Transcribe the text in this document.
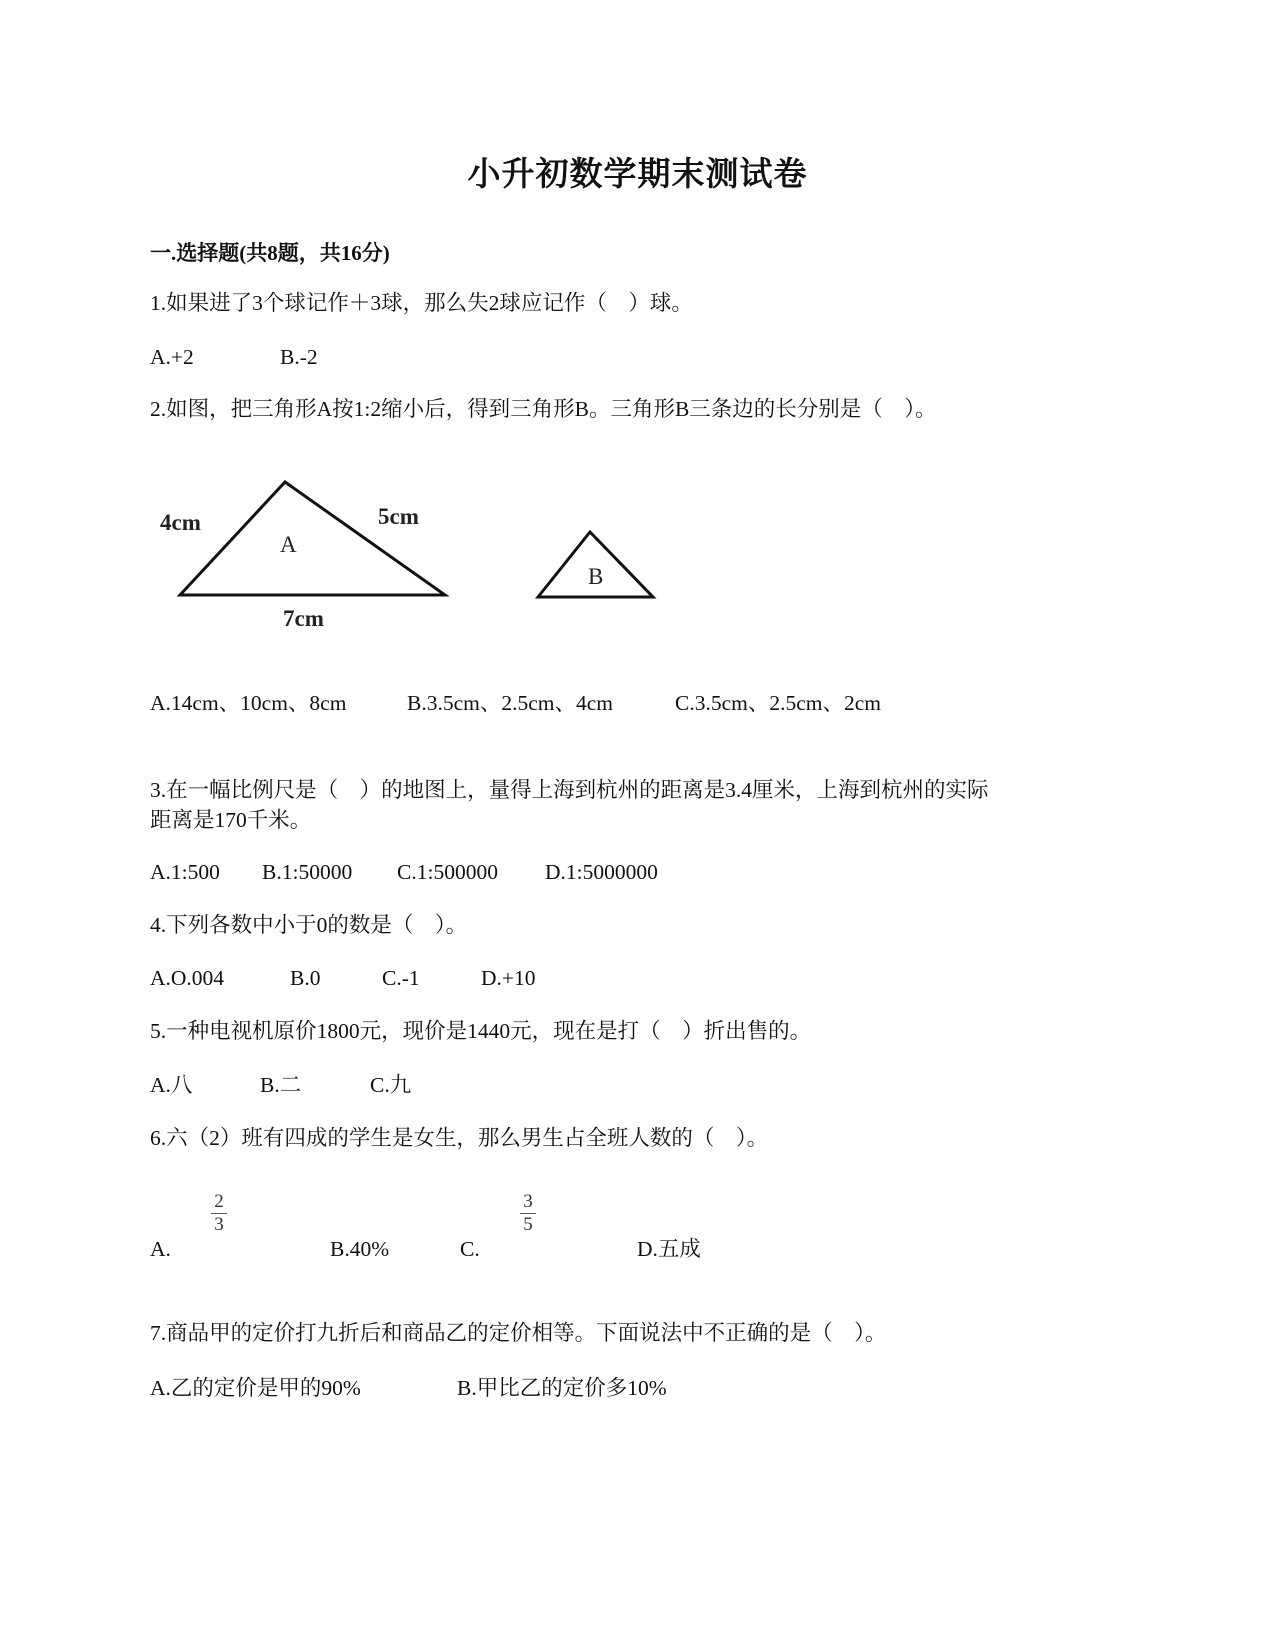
小升初数学期末测试卷
一.选择题(共8题，共16分)
1.如果进了3个球记作＋3球，那么失2球应记作（　）球。
A.+2	B.-2
2.如图，把三角形A按1:2缩小后，得到三角形B。三角形B三条边的长分别是（　）。
4cm	5cm
A
7cm
B
A.14cm、10cm、8cm	B.3.5cm、2.5cm、4cm	C.3.5cm、2.5cm、2cm
3.在一幅比例尺是（　）的地图上，量得上海到杭州的距离是3.4厘米，上海到杭州的实际
距离是170千米。
A.1:500 B.1:50000 C.1:500000 D.1:5000000
4.下列各数中小于0的数是（　）。
A.O.004	B.0	C.-1	D.+10
5.一种电视机原价1800元，现价是1440元，现在是打（　）折出售的。
A.八	B.二	C.九
6.六（2）班有四成的学生是女生，那么男生占全班人数的（　）。
A.
2
3
B.40%	C.
3
5
D.五成
7.商品甲的定价打九折后和商品乙的定价相等。下面说法中不正确的是（　）。
A.乙的定价是甲的90%	B.甲比乙的定价多10%
